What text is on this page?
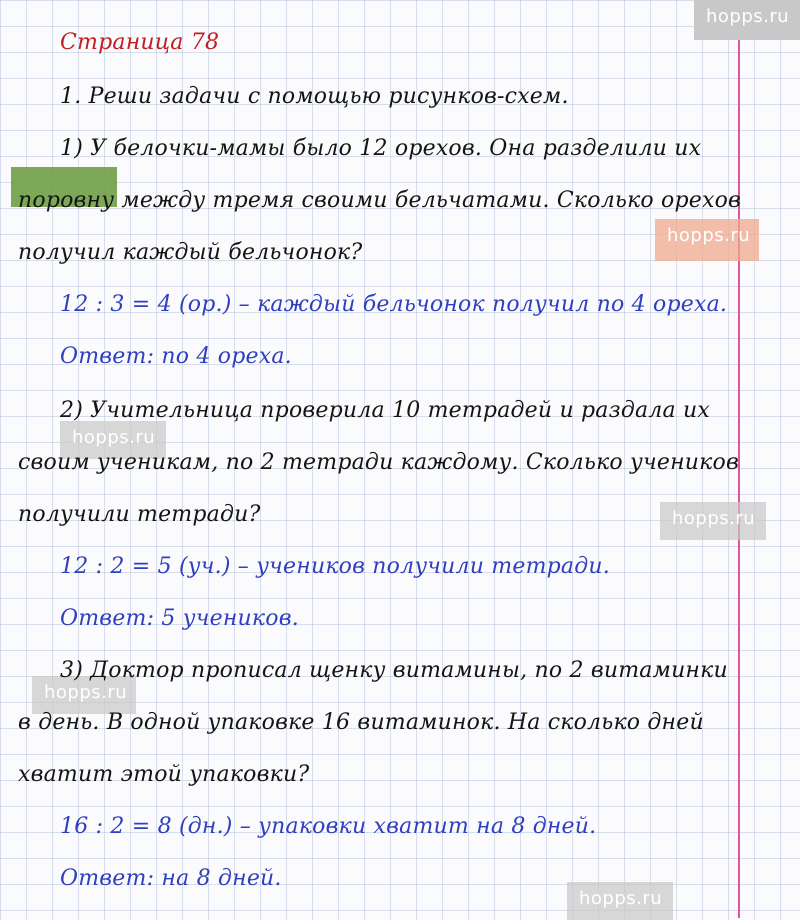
hopps.ru
hopps.ru
hopps.ru
hopps.ru
hopps.ru
hopps.ru
Страница 78
1. Реши задачи с помощью рисунков-схем.
1) У белочки-мамы было 12 орехов. Она разделили их
поровну между тремя своими бельчатами. Сколько орехов
получил каждый бельчонок?
12 : 3 = 4 (ор.) – каждый бельчонок получил по 4 ореха.
Ответ: по 4 ореха.
2) Учительница проверила 10 тетрадей и раздала их
своим ученикам, по 2 тетради каждому. Сколько учеников
получили тетради?
12 : 2 = 5 (уч.) – учеников получили тетради.
Ответ: 5 учеников.
3) Доктор прописал щенку витамины, по 2 витаминки
в день. В одной упаковке 16 витаминок. На сколько дней
хватит этой упаковки?
16 : 2 = 8 (дн.) – упаковки хватит на 8 дней.
Ответ: на 8 дней.
